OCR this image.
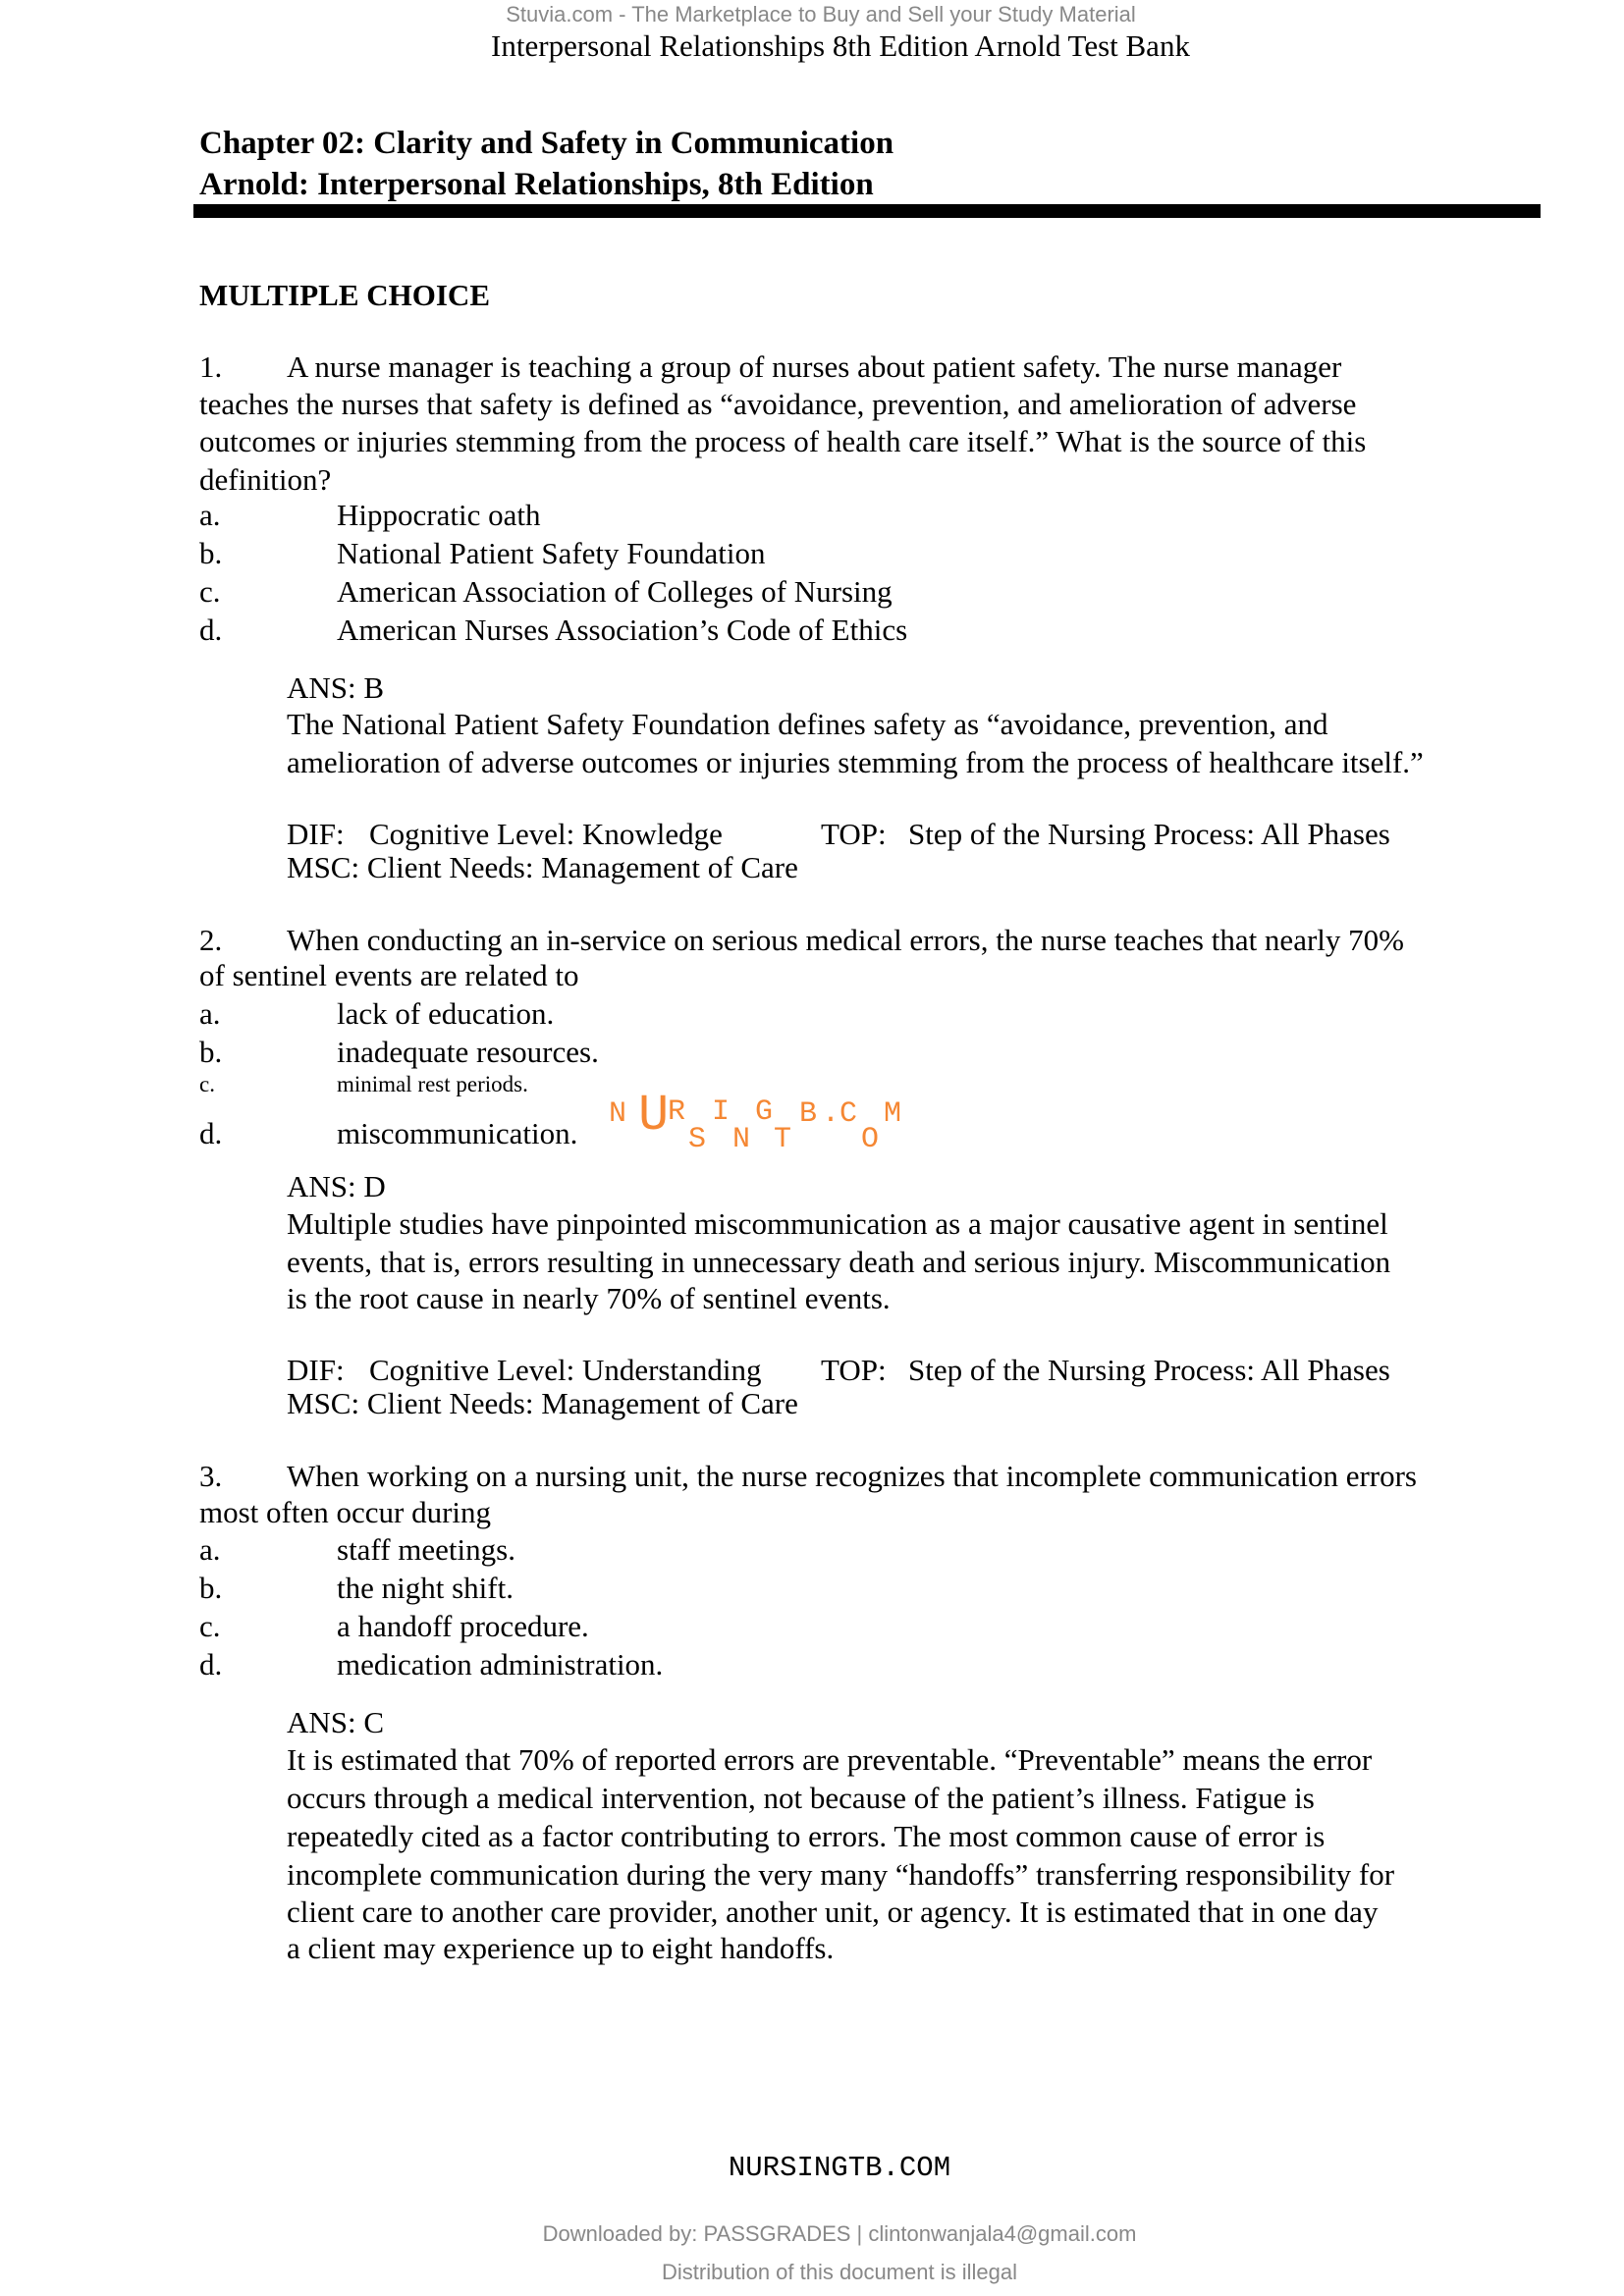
Stuvia.com - The Marketplace to Buy and Sell your Study Material
Interpersonal Relationships 8th Edition Arnold Test Bank
Chapter 02: Clarity and Safety in Communication
Arnold: Interpersonal Relationships, 8th Edition
MULTIPLE CHOICE
1. A nurse manager is teaching a group of nurses about patient safety. The nurse manager
teaches the nurses that safety is defined as “avoidance, prevention, and amelioration of adverse
outcomes or injuries stemming from the process of health care itself.” What is the source of this
definition?
a.	Hippocratic oath
b.	National Patient Safety Foundation
c.	American Association of Colleges of Nursing
d.	American Nurses Association’s Code of Ethics
ANS: B
The National Patient Safety Foundation defines safety as “avoidance, prevention, and
amelioration of adverse outcomes or injuries stemming from the process of healthcare itself.”
DIF: Cognitive Level: Knowledge	TOP: Step of the Nursing Process: All Phases
MSC: Client Needs: Management of Care
2. When conducting an in-service on serious medical errors, the nurse teaches that nearly 70%
of sentinel events are related to
a.	lack of education.
b.	inadequate resources.
c.	minimal rest periods.
d.	miscommunication.
ANS: D
Multiple studies have pinpointed miscommunication as a major causative agent in sentinel
events, that is, errors resulting in unnecessary death and serious injury. Miscommunication
is the root cause in nearly 70% of sentinel events.
DIF: Cognitive Level: Understanding TOP: Step of the Nursing Process: All Phases
MSC: Client Needs: Management of Care
3. When working on a nursing unit, the nurse recognizes that incomplete communication errors
most often occur during
a.	staff meetings.
b.	the night shift.
c.	a handoff procedure.
d.	medication administration.
ANS: C
It is estimated that 70% of reported errors are preventable. “Preventable” means the error
occurs through a medical intervention, not because of the patient’s illness. Fatigue is
repeatedly cited as a factor contributing to errors. The most common cause of error is
incomplete communication during the very many “handoffs” transferring responsibility for
client care to another care provider, another unit, or agency. It is estimated that in one day
a client may experience up to eight handoffs.
N U
R
S
I
N
G
T
B . C
O
M
NURSINGTB.COM
Downloaded by: PASSGRADES | clintonwanjala4@gmail.com
Distribution of this document is illegal
